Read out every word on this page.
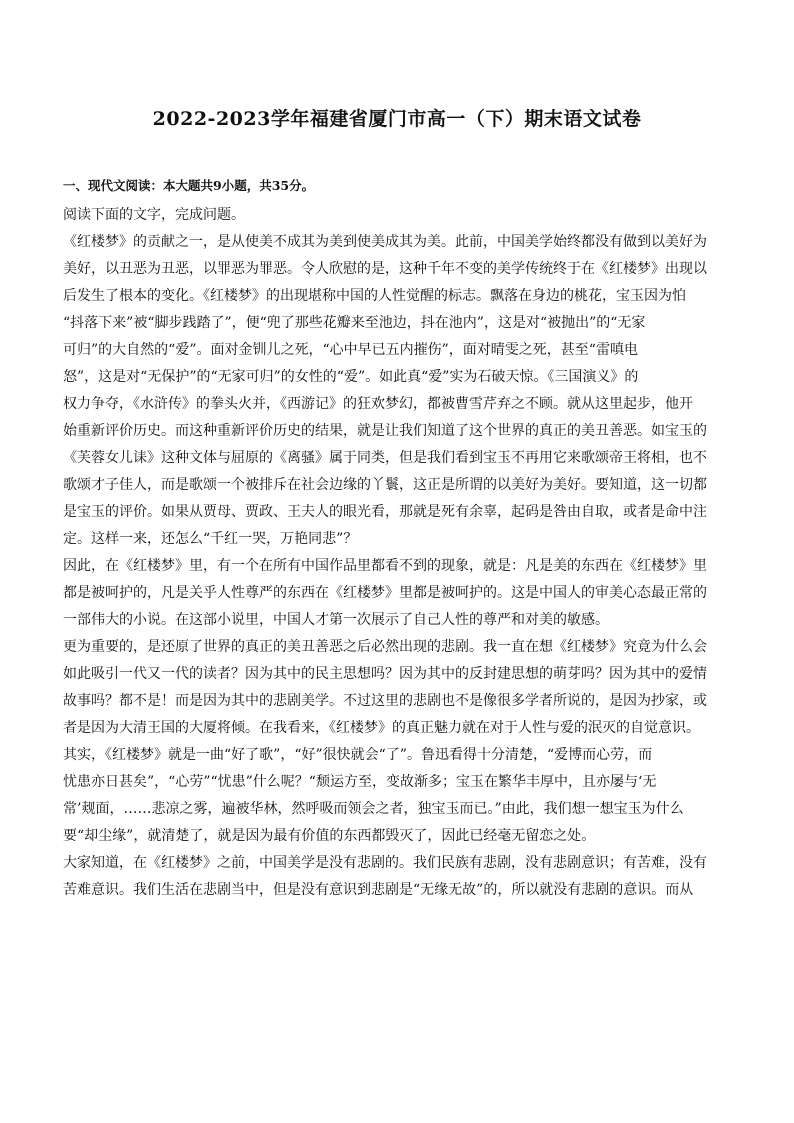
2022-2023学年福建省厦门市高一（下）期末语文试卷
一、现代文阅读：本大题共9小题，共35分。
阅读下面的文字，完成问题。
《红楼梦》的贡献之一，是从使美不成其为美到使美成其为美。此前，中国美学始终都没有做到以美好为
美好，以丑恶为丑恶，以罪恶为罪恶。令人欣慰的是，这种千年不变的美学传统终于在《红楼梦》出现以
后发生了根本的变化。《红楼梦》的出现堪称中国的人性觉醒的标志。飘落在身边的桃花，宝玉因为怕
“抖落下来”被“脚步践踏了”，便“兜了那些花瓣来至池边，抖在池内”，这是对“被抛出”的“无家
可归”的大自然的“爱”。面对金钏儿之死，“心中早已五内摧伤”，面对晴雯之死，甚至“雷嗔电
怒”，这是对“无保护”的“无家可归”的女性的“爱”。如此真“爱”实为石破天惊。《三国演义》的
权力争夺，《水浒传》的拳头火并，《西游记》的狂欢梦幻，都被曹雪芹弃之不顾。就从这里起步，他开
始重新评价历史。而这种重新评价历史的结果，就是让我们知道了这个世界的真正的美丑善恶。如宝玉的
《芙蓉女儿诔》这种文体与屈原的《离骚》属于同类，但是我们看到宝玉不再用它来歌颂帝王将相，也不
歌颂才子佳人，而是歌颂一个被排斥在社会边缘的丫鬟，这正是所谓的以美好为美好。要知道，这一切都
是宝玉的评价。如果从贾母、贾政、王夫人的眼光看，那就是死有余辜，起码是咎由自取，或者是命中注
定。这样一来，还怎么“千红一哭，万艳同悲”？
因此，在《红楼梦》里，有一个在所有中国作品里都看不到的现象，就是：凡是美的东西在《红楼梦》里
都是被呵护的，凡是关乎人性尊严的东西在《红楼梦》里都是被呵护的。这是中国人的审美心态最正常的
一部伟大的小说。在这部小说里，中国人才第一次展示了自己人性的尊严和对美的敏感。
更为重要的，是还原了世界的真正的美丑善恶之后必然出现的悲剧。我一直在想《红楼梦》究竟为什么会
如此吸引一代又一代的读者？因为其中的民主思想吗？因为其中的反封建思想的萌芽吗？因为其中的爱情
故事吗？都不是！而是因为其中的悲剧美学。不过这里的悲剧也不是像很多学者所说的，是因为抄家，或
者是因为大清王国的大厦将倾。在我看来，《红楼梦》的真正魅力就在对于人性与爱的泯灭的自觉意识。
其实，《红楼梦》就是一曲“好了歌”，“好”很快就会“了”。鲁迅看得十分清楚，“爱博而心劳，而
忧患亦日甚矣”，“心劳”“忧患”什么呢？“颓运方至，变故渐多；宝玉在繁华丰厚中，且亦屡与‘无
常’觌面，……悲凉之雾，遍被华林，然呼吸而领会之者，独宝玉而已。”由此，我们想一想宝玉为什么
要“却尘缘”，就清楚了，就是因为最有价值的东西都毁灭了，因此已经毫无留恋之处。
大家知道，在《红楼梦》之前，中国美学是没有悲剧的。我们民族有悲剧，没有悲剧意识；有苦难，没有
苦难意识。我们生活在悲剧当中，但是没有意识到悲剧是“无缘无故”的，所以就没有悲剧的意识。而从
